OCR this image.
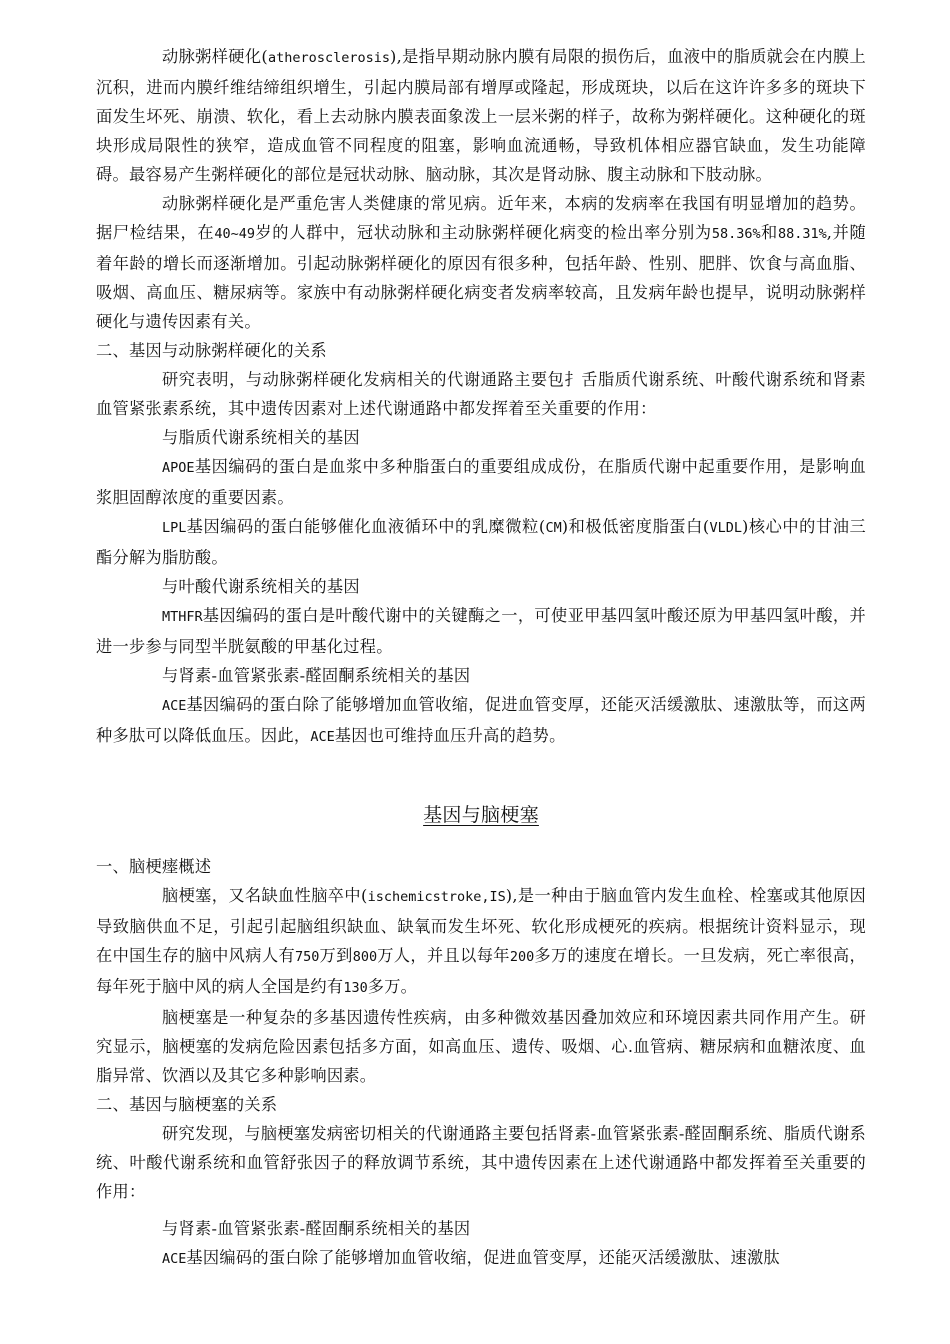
动脉粥样硬化(atherosclerosis),是指早期动脉内膜有局限的损伤后，血液中的脂质就会在内膜上沉积，进而内膜纤维结缔组织增生，引起内膜局部有增厚或隆起，形成斑块，以后在这许许多多的斑块下面发生坏死、崩溃、软化，看上去动脉内膜表面象泼上一层米粥的样子，故称为粥样硬化。这种硬化的斑块形成局限性的狭窄，造成血管不同程度的阻塞，影响血流通畅，导致机体相应器官缺血，发生功能障碍。最容易产生粥样硬化的部位是冠状动脉、脑动脉，其次是肾动脉、腹主动脉和下肢动脉。

动脉粥样硬化是严重危害人类健康的常见病。近年来，本病的发病率在我国有明显增加的趋势。据尸检结果，在40~49岁的人群中，冠状动脉和主动脉粥样硬化病变的检出率分别为58.36%和88.31%,并随着年龄的增长而逐渐增加。引起动脉粥样硬化的原因有很多种，包括年龄、性别、肥胖、饮食与高血脂、吸烟、高血压、糖尿病等。家族中有动脉粥样硬化病变者发病率较高，且发病年龄也提早，说明动脉粥样硬化与遗传因素有关。

二、基因与动脉粥样硬化的关系

研究表明，与动脉粥样硬化发病相关的代谢通路主要包扌舌脂质代谢系统、叶酸代谢系统和肾素血管紧张素系统，其中遗传因素对上述代谢通路中都发挥着至关重要的作用：

与脂质代谢系统相关的基因

APOE基因编码的蛋白是血浆中多种脂蛋白的重要组成成份，在脂质代谢中起重要作用，是影响血浆胆固醇浓度的重要因素。

LPL基因编码的蛋白能够催化血液循环中的乳糜微粒(CM)和极低密度脂蛋白(VLDL)核心中的甘油三酯分解为脂肪酸。

与叶酸代谢系统相关的基因

MTHFR基因编码的蛋白是叶酸代谢中的关键酶之一，可使亚甲基四氢叶酸还原为甲基四氢叶酸，并进一步参与同型半胱氨酸的甲基化过程。

与肾素-血管紧张素-醛固酮系统相关的基因

ACE基因编码的蛋白除了能够增加血管收缩，促进血管变厚，还能灭活缓激肽、速激肽等，而这两种多肽可以降低血压。因此，ACE基因也可维持血压升高的趋势。

基因与脑梗塞

一、脑梗瘗概述

脑梗塞，又名缺血性脑卒中(ischemicstroke,IS),是一种由于脑血管内发生血栓、栓塞或其他原因导致脑供血不足，引起引起脑组织缺血、缺氧而发生坏死、软化形成梗死的疾病。根据统计资料显示，现在中国生存的脑中风病人有750万到800万人，并且以每年200多万的速度在增长。一旦发病，死亡率很高，每年死于脑中风的病人全国是约有130多万。

脑梗塞是一种复杂的多基因遗传性疾病，由多种微效基因叠加效应和环境因素共同作用产生。研究显示，脑梗塞的发病危险因素包括多方面，如高血压、遗传、吸烟、心.血管病、糖尿病和血糖浓度、血脂异常、饮酒以及其它多种影响因素。

二、基因与脑梗塞的关系

研究发现，与脑梗塞发病密切相关的代谢通路主要包括肾素-血管紧张素-醛固酮系统、脂质代谢系统、叶酸代谢系统和血管舒张因子的释放调节系统，其中遗传因素在上述代谢通路中都发挥着至关重要的作用：

与肾素-血管紧张素-醛固酮系统相关的基因

ACE基因编码的蛋白除了能够增加血管收缩，促进血管变厚，还能灭活缓激肽、速激肽
